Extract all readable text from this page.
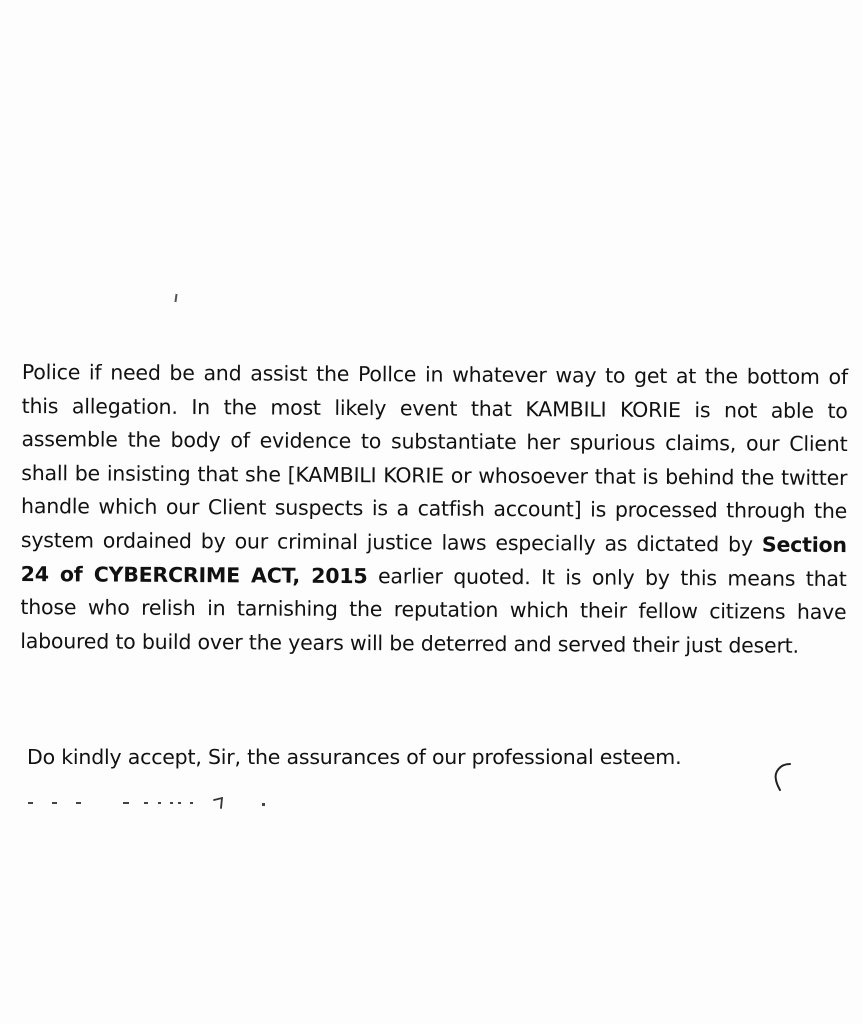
Police if need be and assist the Pollce in whatever way to get at the bottom of this allegation. In the most likely event that KAMBILI KORIE is not able to assemble the body of evidence to substantiate her spurious claims, our Client shall be insisting that she [KAMBILI KORIE or whosoever that is behind the twitter handle which our Client suspects is a catfish account] is processed through the system ordained by our criminal justice laws especially as dictated by Section 24 of CYBERCRIME ACT, 2015 earlier quoted. It is only by this means that those who relish in tarnishing the reputation which their fellow citizens have laboured to build over the years will be deterred and served their just desert.

Do kindly accept, Sir, the assurances of our professional esteem.
